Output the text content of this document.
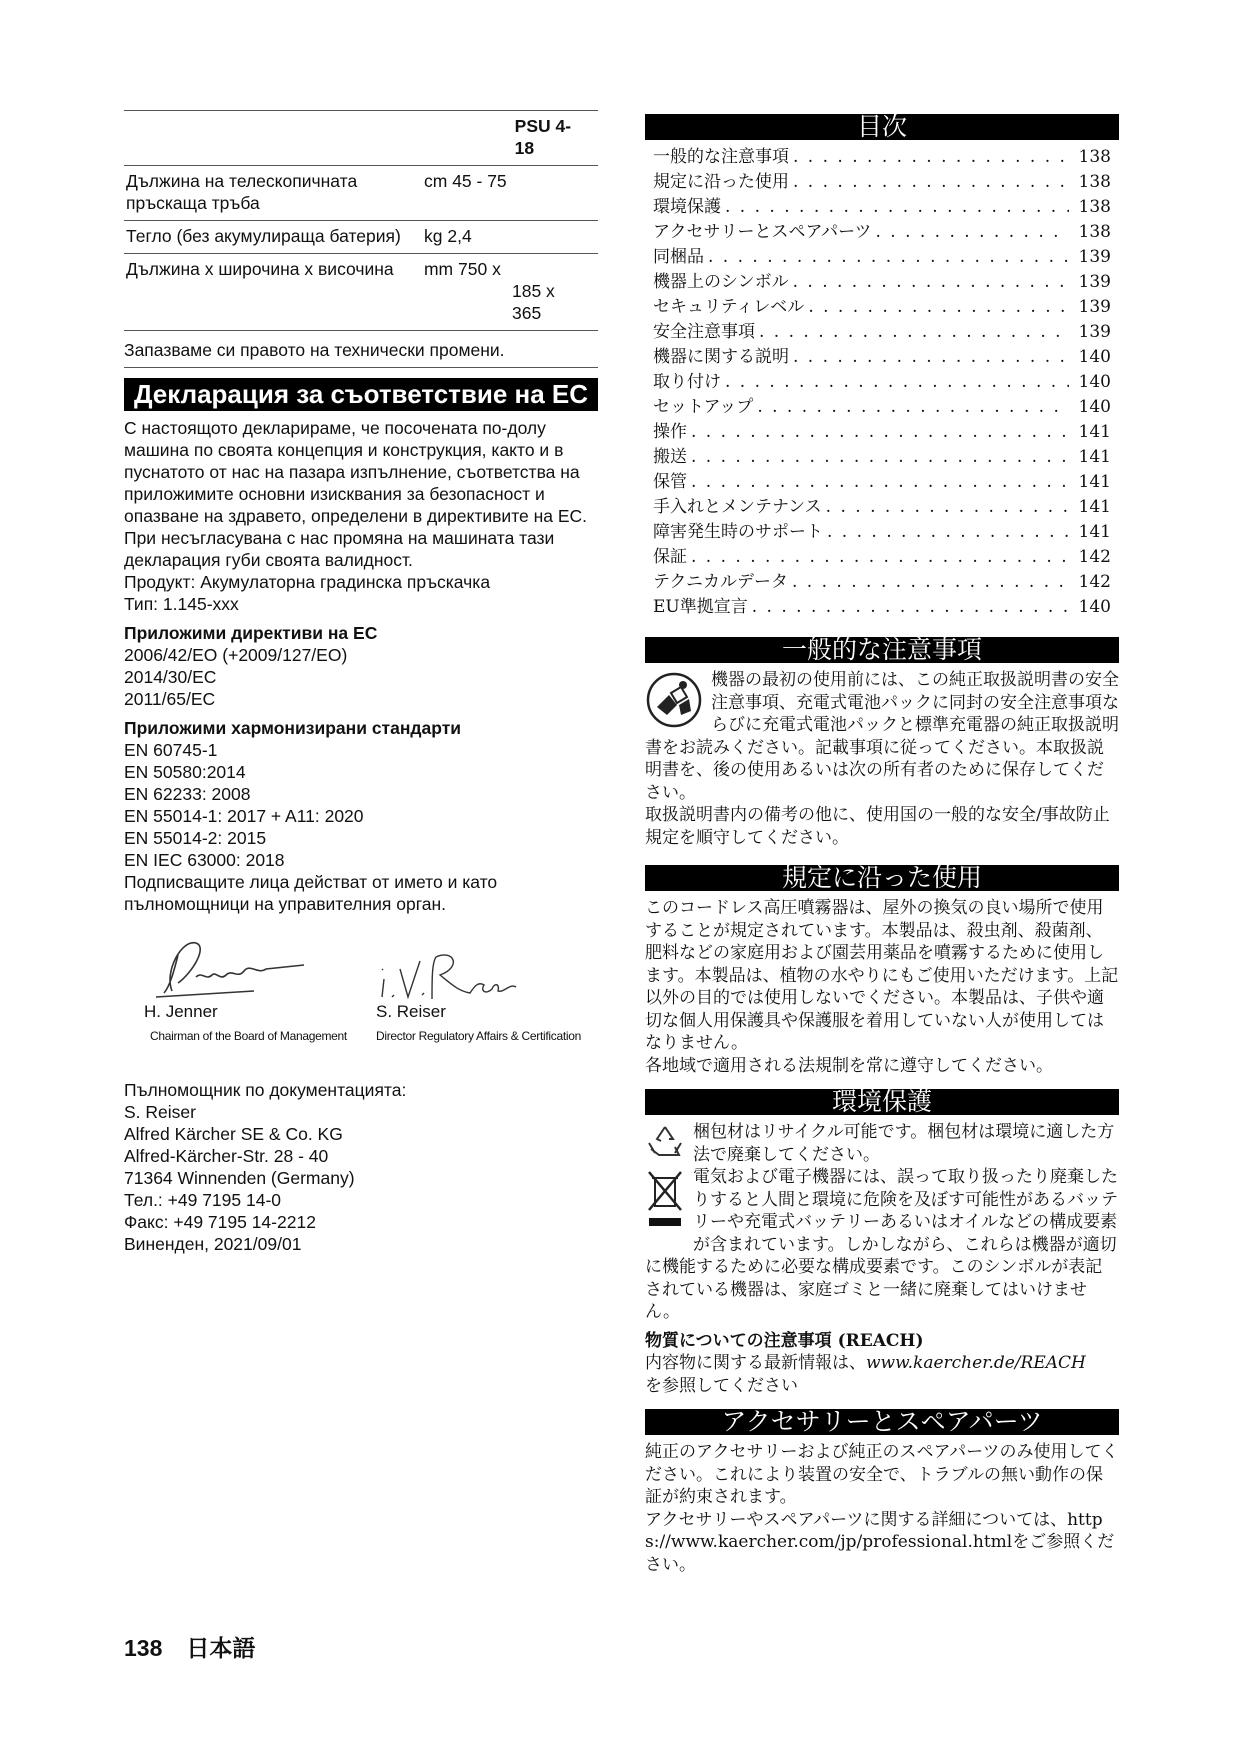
		PSU 4-
18
Дължина на телескопичната пръскаща тръба	cm 45 - 75	
Тегло (без акумулираща батерия)	kg 2,4	
Дължина x широчина x височина	mm 750 x
185 x
365	
Запазваме си правото на технически промени.
Декларация за съответствие на ЕС

С настоящото декларираме, че посочената по-долу машина по своята концепция и конструкция, както и в пуснатото от нас на пазара изпълнение, съответства на приложимите основни изисквания за безопасност и опазване на здравето, определени в директивите на ЕС. При несъгласувана с нас промяна на машината тази декларация губи своята валидност.

Продукт: Акумулаторна градинска пръскачка

Тип: 1.145-xxx

Приложими директиви на ЕС
2006/42/EO (+2009/127/EO)
2014/30/EC
2011/65/EC
Приложими хармонизирани стандарти
EN 60745-1
EN 50580:2014
EN 62233: 2008
EN 55014-1: 2017 + A11: 2020
EN 55014-2: 2015
EN IEC 63000: 2018

Подписващите лица действат от името и като пълномощници на управителния орган.

H. Jenner
Chairman of the Board of Management
S. Reiser
Director Regulatory Affairs & Certification
Пълномощник по документацията:
S. Reiser
Alfred Kärcher SE & Co. KG
Alfred-Kärcher-Str. 28 - 40
71364 Winnenden (Germany)
Тел.: +49 7195 14-0
Факс: +49 7195 14-2212
Виненден, 2021/09/01
目次
一般的な注意事項 . . .	138
規定に沿った使用 . . .	138
環境保護 . . .	138
アクセサリーとスペアパーツ . . .	138
同梱品 . . .	139
機器上のシンボル . . .	139
セキュリティレベル . . .	139
安全注意事項 . . .	139
機器に関する説明 . . .	140
取り付け . . .	140
セットアップ . . .	140
操作 . . .	141
搬送 . . .	141
保管 . . .	141
手入れとメンテナンス . . .	141
障害発生時のサポート . . .	141
保証 . . .	142
テクニカルデータ . . .	142
EU準拠宣言 . . .	140
一般的な注意事項

機器の最初の使用前には、この純正取扱説明書の安全注意事項、充電式電池パックに同封の安全注意事項ならびに充電式電池パックと標準充電器の純正取扱説明書をお読みください。記載事項に従ってください。本取扱説明書を、後の使用あるいは次の所有者のために保存してください。

取扱説明書内の備考の他に、使用国の一般的な安全/事故防止規定を順守してください。

規定に沿った使用

このコードレス高圧噴霧器は、屋外の換気の良い場所で使用することが規定されています。本製品は、殺虫剤、殺菌剤、肥料などの家庭用および園芸用薬品を噴霧するために使用します。本製品は、植物の水やりにもご使用いただけます。上記以外の目的では使用しないでください。本製品は、子供や適切な個人用保護具や保護服を着用していない人が使用してはなりません。

各地域で適用される法規制を常に遵守してください。

環境保護

梱包材はリサイクル可能です。梱包材は環境に適した方法で廃棄してください。

電気および電子機器には、誤って取り扱ったり廃棄したりすると人間と環境に危険を及ぼす可能性があるバッテリーや充電式バッテリーあるいはオイルなどの構成要素が含まれています。しかしながら、これらは機器が適切に機能するために必要な構成要素です。このシンボルが表記されている機器は、家庭ゴミと一緒に廃棄してはいけません。

物質についての注意事項 (REACH)

内容物に関する最新情報は、www.kaercher.de/REACH
を参照してください

アクセサリーとスペアパーツ

純正のアクセサリーおよび純正のスペアパーツのみ使用してください。これにより装置の安全で、トラブルの無い動作の保証が約束されます。

アクセサリーやスペアパーツに関する詳細については、https://www.kaercher.com/jp/professional.htmlをご参照ください。

138 日本語
